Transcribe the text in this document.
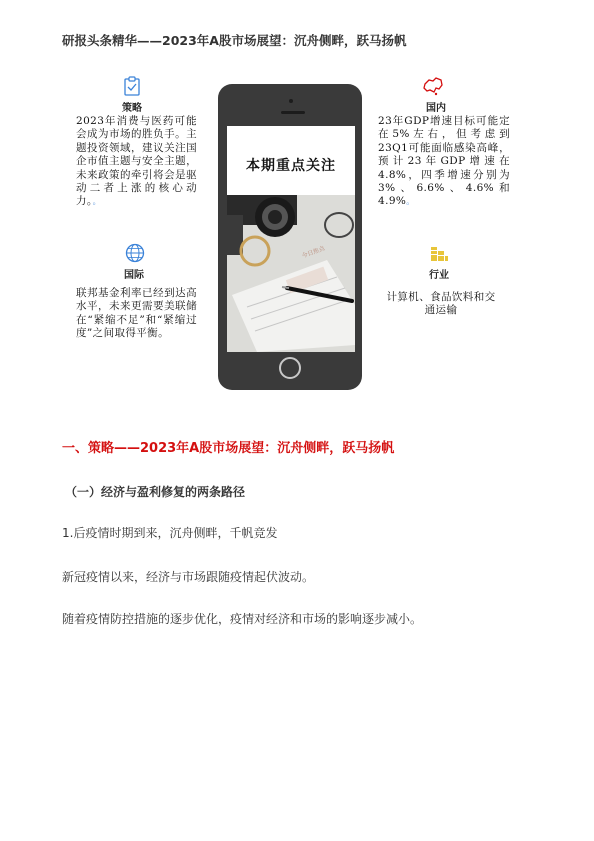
研报头条精华——2023年A股市场展望：沉舟侧畔，跃马扬帆
本期重点关注
今日焦点
策略
2023年消费与医药可能会成为市场的胜负手。主题投资领域，建议关注国企市值主题与安全主题，未来政策的牵引将会是驱动二者上涨的核心动力。。
国内
23年GDP增速目标可能定在5%左右，但考虑到23Q1可能面临感染高峰，预计23年GDP增速在4.8%，四季增速分别为3%、6.6%、4.6%和4.9%。
国际
联邦基金利率已经到达高水平，未来更需要美联储在“紧缩不足”和“紧缩过度”之间取得平衡。
行业
计算机、食品饮料和交通运输
一、策略——2023年A股市场展望：沉舟侧畔，跃马扬帆
（一）经济与盈利修复的两条路径
1.后疫情时期到来，沉舟侧畔，千帆竞发
新冠疫情以来，经济与市场跟随疫情起伏波动。
随着疫情防控措施的逐步优化，疫情对经济和市场的影响逐步减小。
